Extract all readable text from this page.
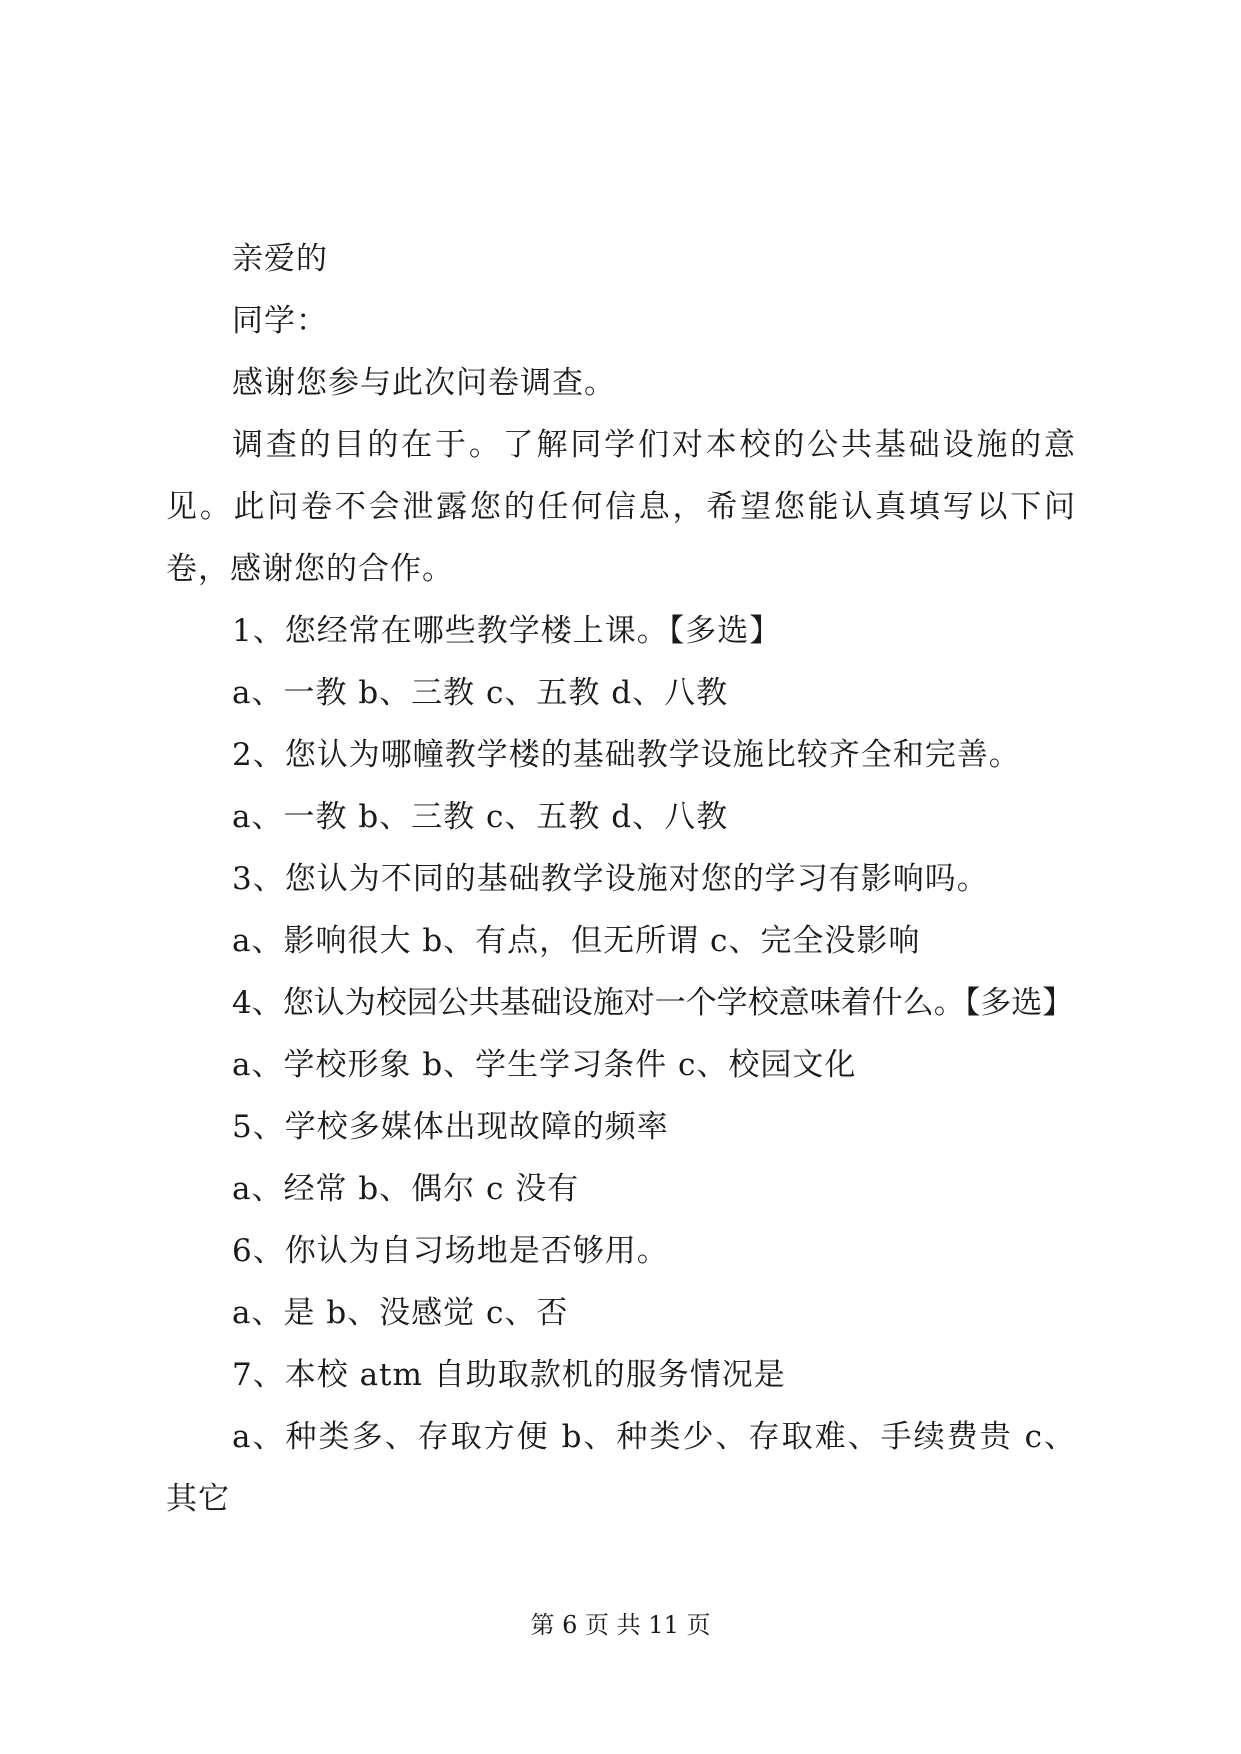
亲爱的
同学：
感谢您参与此次问卷调查。
调查的目的在于。了解同学们对本校的公共基础设施的意见。此问卷不会泄露您的任何信息，希望您能认真填写以下问卷，感谢您的合作。
1、您经常在哪些教学楼上课。【多选】
a、一教 b、三教 c、五教 d、八教
2、您认为哪幢教学楼的基础教学设施比较齐全和完善。
a、一教 b、三教 c、五教 d、八教
3、您认为不同的基础教学设施对您的学习有影响吗。
a、影响很大 b、有点，但无所谓 c、完全没影响
4、您认为校园公共基础设施对一个学校意味着什么。【多选】
a、学校形象 b、学生学习条件 c、校园文化
5、学校多媒体出现故障的频率
a、经常 b、偶尔 c 没有
6、你认为自习场地是否够用。
a、是 b、没感觉 c、否
7、本校 atm 自助取款机的服务情况是
a、种类多、存取方便 b、种类少、存取难、手续费贵 c、其它
第 6 页 共 11 页
